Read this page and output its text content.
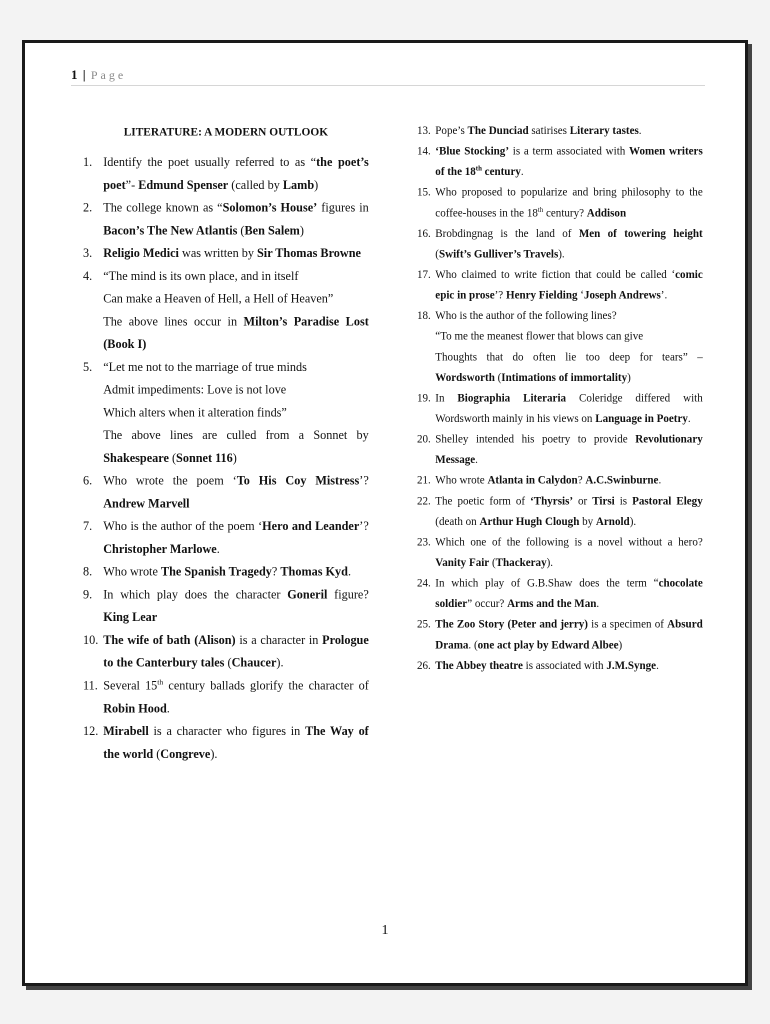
1 | Page
LITERATURE: A MODERN OUTLOOK
1. Identify the poet usually referred to as “the poet’s poet”- Edmund Spenser (called by Lamb)
2. The college known as “Solomon’s House’ figures in Bacon’s The New Atlantis (Ben Salem)
3. Religio Medici was written by Sir Thomas Browne
4. “The mind is its own place, and in itself
Can make a Heaven of Hell, a Hell of Heaven”
The above lines occur in Milton’s Paradise Lost (Book I)
5. “Let me not to the marriage of true minds
Admit impediments: Love is not love
Which alters when it alteration finds”
The above lines are culled from a Sonnet by Shakespeare (Sonnet 116)
6. Who wrote the poem ‘To His Coy Mistress’? Andrew Marvell
7. Who is the author of the poem ‘Hero and Leander’? Christopher Marlowe.
8. Who wrote The Spanish Tragedy? Thomas Kyd.
9. In which play does the character Goneril figure? King Lear
10. The wife of bath (Alison) is a character in Prologue to the Canterbury tales (Chaucer).
11. Several 15th century ballads glorify the character of Robin Hood.
12. Mirabell is a character who figures in The Way of the world (Congreve).
13. Pope’s The Dunciad satirises Literary tastes.
14. ‘Blue Stocking’ is a term associated with Women writers of the 18th century.
15. Who proposed to popularize and bring philosophy to the coffee-houses in the 18th century? Addison
16. Brobdingnag is the land of Men of towering height (Swift’s Gulliver’s Travels).
17. Who claimed to write fiction that could be called ‘comic epic in prose’? Henry Fielding ‘Joseph Andrews’.
18. Who is the author of the following lines?
“To me the meanest flower that blows can give
Thoughts that do often lie too deep for tears” – Wordsworth (Intimations of immortality)
19. In Biographia Literaria Coleridge differed with Wordsworth mainly in his views on Language in Poetry.
20. Shelley intended his poetry to provide Revolutionary Message.
21. Who wrote Atlanta in Calydon? A.C.Swinburne.
22. The poetic form of ‘Thyrsis’ or Tirsi is Pastoral Elegy (death on Arthur Hugh Clough by Arnold).
23. Which one of the following is a novel without a hero? Vanity Fair (Thackeray).
24. In which play of G.B.Shaw does the term “chocolate soldier” occur? Arms and the Man.
25. The Zoo Story (Peter and jerry) is a specimen of Absurd Drama. (one act play by Edward Albee)
26. The Abbey theatre is associated with J.M.Synge.
1
